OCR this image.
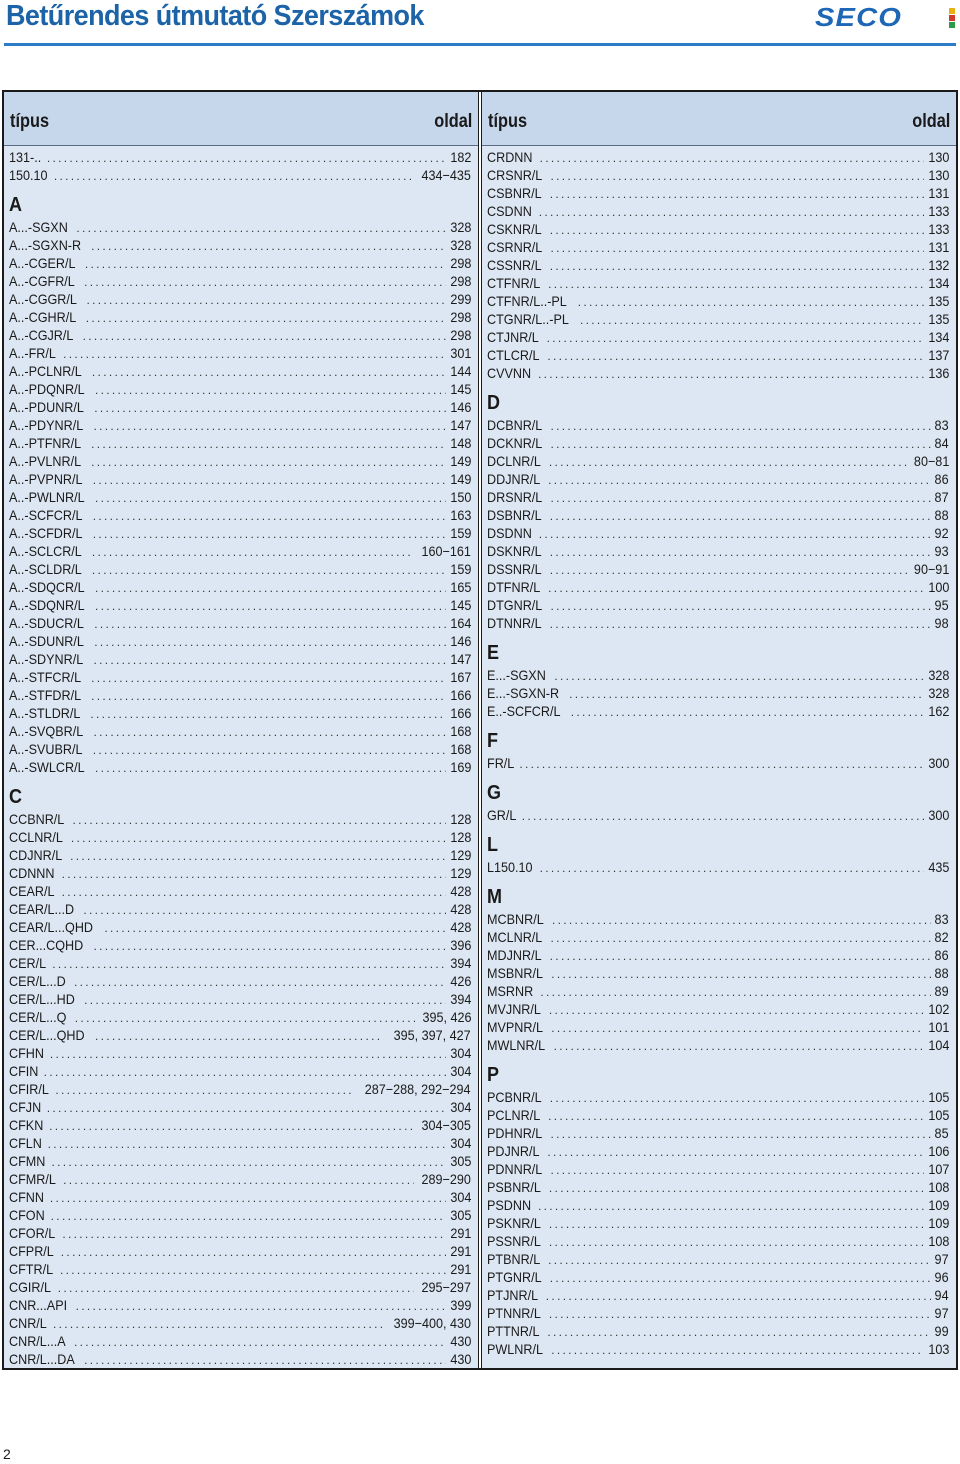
Betűrendes útmutató Szerszámok	SECO
típus	oldal típus	oldal
131-.. .....	182
150.10 .....	434−435
A
A...-SGXN .....	328
A...-SGXN-R .....	328
A..-CGER/L .....	298
A..-CGFR/L .....	298
A..-CGGR/L .....	299
A..-CGHR/L .....	298
A..-CGJR/L .....	298
A..-FR/L .....	301
A..-PCLNR/L .....	144
A..-PDQNR/L .....	145
A..-PDUNR/L .....	146
A..-PDYNR/L .....	147
A..-PTFNR/L .....	148
A..-PVLNR/L .....	149
A..-PVPNR/L .....	149
A..-PWLNR/L .....	150
A..-SCFCR/L .....	163
A..-SCFDR/L .....	159
A..-SCLCR/L .....	160−161
A..-SCLDR/L .....	159
A..-SDQCR/L .....	165
A..-SDQNR/L .....	145
A..-SDUCR/L .....	164
A..-SDUNR/L .....	146
A..-SDYNR/L .....	147
A..-STFCR/L .....	167
A..-STFDR/L .....	166
A..-STLDR/L .....	166
A..-SVQBR/L .....	168
A..-SVUBR/L .....	168
A..-SWLCR/L .....	169
C
CCBNR/L .....	128
CCLNR/L .....	128
CDJNR/L .....	129
CDNNN .....	129
CEAR/L .....	428
CEAR/L...D .....	428
CEAR/L...QHD .....	428
CER...CQHD .....	396
CER/L .....	394
CER/L...D .....	426
CER/L...HD .....	394
CER/L...Q .....	395, 426
CER/L...QHD .....	395, 397, 427
CFHN .....	304
CFIN .....	304
CFIR/L .....	287−288, 292−294
CFJN .....	304
CFKN .....	304−305
CFLN .....	304
CFMN .....	305
CFMR/L .....	289−290
CFNN .....	304
CFON .....	305
CFOR/L .....	291
CFPR/L .....	291
CFTR/L .....	291
CGIR/L .....	295−297
CNR...API .....	399
CNR/L .....	399−400, 430
CNR/L...A .....	430
CNR/L...DA .....	430
CRDNN .....	130
CRSNR/L .....	130
CSBNR/L .....	131
CSDNN .....	133
CSKNR/L .....	133
CSRNR/L .....	131
CSSNR/L .....	132
CTFNR/L .....	134
CTFNR/L..-PL .....	135
CTGNR/L..-PL .....	135
CTJNR/L .....	134
CTLCR/L .....	137
CVVNN .....	136
D
DCBNR/L .....	83
DCKNR/L .....	84
DCLNR/L .....	80−81
DDJNR/L .....	86
DRSNR/L .....	87
DSBNR/L .....	88
DSDNN .....	92
DSKNR/L .....	93
DSSNR/L .....	90−91
DTFNR/L .....	100
DTGNR/L .....	95
DTNNR/L .....	98
E
E...-SGXN .....	328
E...-SGXN-R .....	328
E..-SCFCR/L .....	162
F
FR/L .....	300
G
GR/L .....	300
L
L150.10 .....	435
M
MCBNR/L .....	83
MCLNR/L .....	82
MDJNR/L .....	86
MSBNR/L .....	88
MSRNR .....	89
MVJNR/L .....	102
MVPNR/L .....	101
MWLNR/L .....	104
P
PCBNR/L .....	105
PCLNR/L .....	105
PDHNR/L .....	85
PDJNR/L .....	106
PDNNR/L .....	107
PSBNR/L .....	108
PSDNN .....	109
PSKNR/L .....	109
PSSNR/L .....	108
PTBNR/L .....	97
PTGNR/L .....	96
PTJNR/L .....	94
PTNNR/L .....	97
PTTNR/L .....	99
PWLNR/L .....	103
2
